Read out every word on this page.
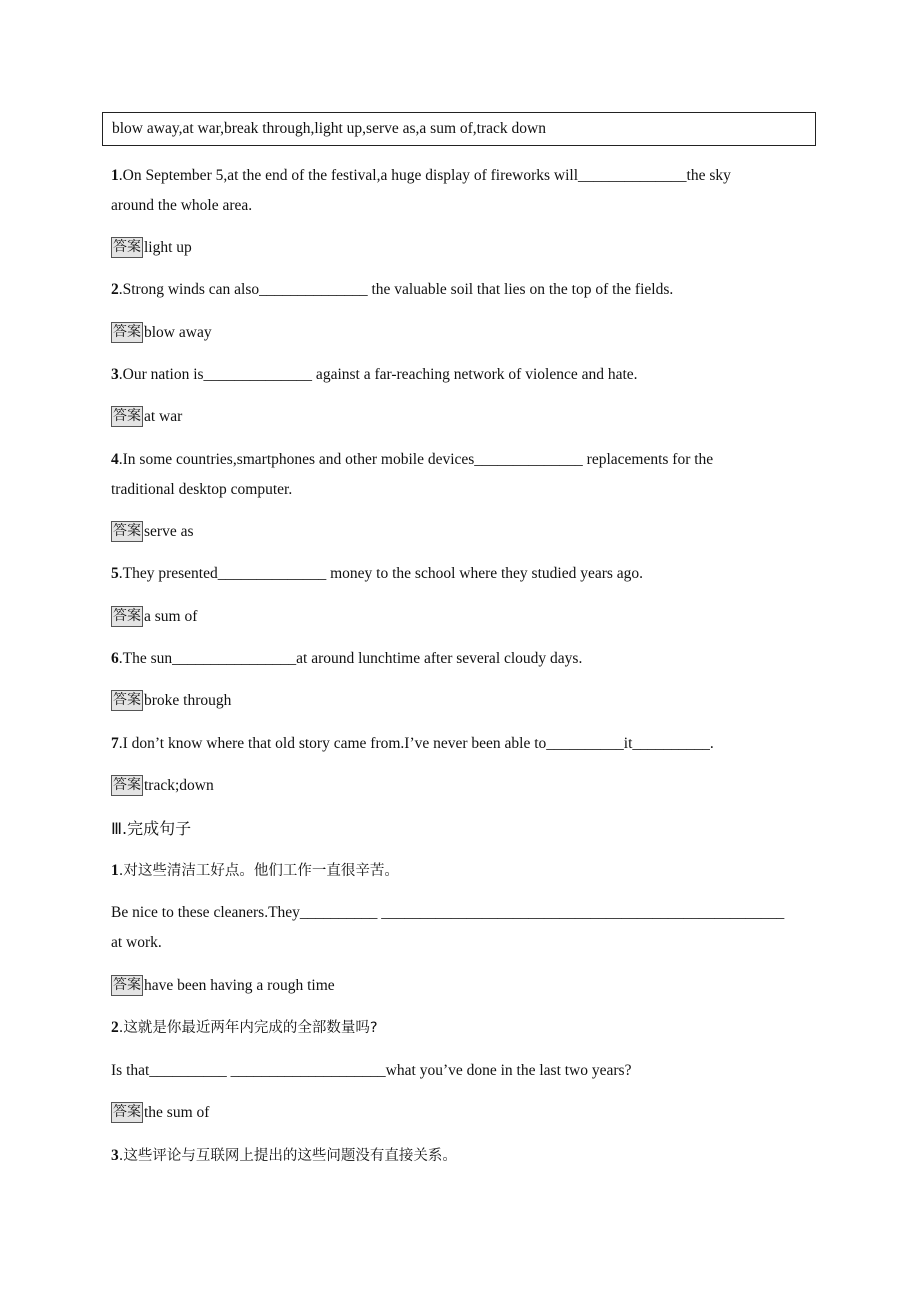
blow away,at war,break through,light up,serve as,a sum of,track down
1.On September 5,at the end of the festival,a huge display of fireworks will______________the sky
around the whole area.
答案 light up
2.Strong winds can also______________ the valuable soil that lies on the top of the fields.
答案 blow away
3.Our nation is______________ against a far-reaching network of violence and hate.
答案 at war
4.In some countries,smartphones and other mobile devices______________ replacements for the
traditional desktop computer.
答案 serve as
5.They presented______________ money to the school where they studied years ago.
答案 a sum of
6.The sun________________at around lunchtime after several cloudy days.
答案 broke through
7.I don’t know where that old story came from.I’ve never been able to__________it__________.
答案 track;down
Ⅲ.完成句子
1.对这些清洁工好点。他们工作一直很辛苦。
Be nice to these cleaners.They__________ ____________________________________________________
at work.
答案 have been having a rough time
2.这就是你最近两年内完成的全部数量吗?
Is that__________ ____________________what you’ve done in the last two years?
答案 the sum of
3.这些评论与互联网上提出的这些问题没有直接关系。
